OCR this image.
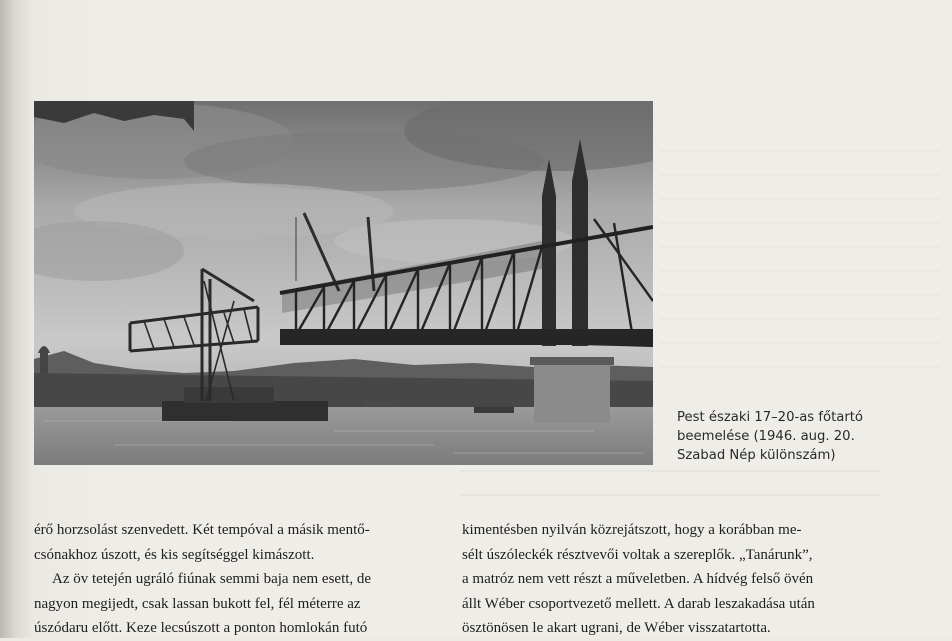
Pest északi 17–20-as főtartó
beemelése (1946. aug. 20.
Szabad Nép különszám)
érő horzsolást szenvedett. Két tempóval a másik mentő-
csónakhoz úszott, és kis segítséggel kimászott.
Az öv tetején ugráló fiúnak semmi baja nem esett, de
nagyon megijedt, csak lassan bukott fel, fél méterre az
úszódaru előtt. Keze lecsúszott a ponton homlokán futó
kimentésben nyilván közrejátszott, hogy a korábban me-
sélt úszóleckék résztvevői voltak a szereplők. „Tanárunk”,
a matróz nem vett részt a műveletben. A hídvég felső övén
állt Wéber csoportvezető mellett. A darab leszakadása után
ösztönösen le akart ugrani, de Wéber visszatartotta.
